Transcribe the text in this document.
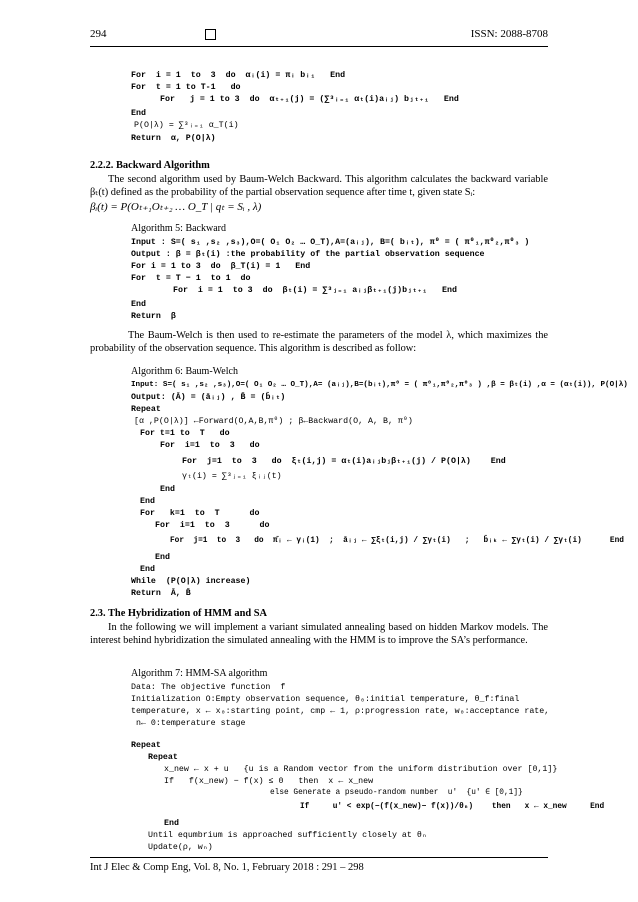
294	ISSN: 2088-8708
For  i = 1  to  3  do  αᵢ(i) = πᵢ bᵢ₁   End
For  t = 1 to T-1   do
For   j = 1 to 3  do  αₜ₊₁(j) = (∑³ᵢ₌₁ αₜ(i)aᵢⱼ) bⱼₜ₊₁   End
End
P(O|λ) = ∑³ᵢ₌₁ α_T(i)
Return  α, P(O|λ)
2.2.2. Backward Algorithm
The second algorithm used by Baum-Welch Backward. This algorithm calculates the backward variable βₜ(t) defined as the probability of the partial observation sequence after time t, given state Sᵢ:
βᵢ(t) = P(Oₜ₊₁Oₜ₊₂ … O_T | qₜ = Sᵢ , λ)
Algorithm 5: Backward
Input : S=( s₁ ,s₂ ,s₃),O=( O₁ O₂ … O_T),A=(aᵢⱼ), B=( bᵢₜ), π⁰ = ( π⁰₁,π⁰₂,π⁰₃ )
Output : β = βₜ(i) :the probability of the partial observation sequence
For i = 1 to 3  do  β_T(i) = 1   End
For  t = T − 1  to 1  do
For  i = 1  to 3  do  βₜ(i) = ∑³ⱼ₌₁ aᵢⱼβₜ₊₁(j)bⱼₜ₊₁   End
End
Return  β
The Baum-Welch is then used to re-estimate the parameters of the model λ, which maximizes the probability of the observation sequence. This algorithm is described as follow:
Algorithm 6: Baum-Welch
Input: S=( s₁ ,s₂ ,s₃),O=( O₁ O₂ … O_T),A= (aᵢⱼ),B=(bᵢₜ),π⁰ = ( π⁰₁,π⁰₂,π⁰₃ ) ,β = βₜ(i) ,α = (αₜ(i)), P(O|λ)
Output: (Ā) = (āᵢⱼ) , B̄ = (b̄ᵢₜ)
Repeat
[α ,P(O|λ)] ←Forward(O,A,B,π⁰) ; β←Backward(O, A, B, π⁰)
For t=1 to  T   do
For  i=1  to  3   do
For  j=1  to  3   do  ξₜ(i,j) = αₜ(i)aᵢⱼbⱼβₜ₊₁(j) / P(O|λ)    End
γₜ(i) = ∑³ⱼ₌₁ ξᵢⱼ(t)
End
End
For   k=1  to  T      do
For  i=1  to  3      do
For  j=1  to  3   do  π̄ᵢ ← γᵢ(1)  ;  āᵢⱼ ← ∑ξₜ(i,j) / ∑γₜ(i)   ;   b̄ᵢₖ ← ∑γₜ(i) / ∑γₜ(i)      End
End
End
While  (P(O|λ) increase)
Return  Ā, B̄
2.3. The Hybridization of HMM and SA
In the following we will implement a variant simulated annealing based on hidden Markov models. The interest behind hybridization the simulated annealing with the HMM is to improve the SA’s performance.
Algorithm 7: HMM-SA algorithm
Data: The objective function  f
Initialization O:Empty observation sequence, θ₀:initial temperature, θ_f:final
temperature, x ← x₀:starting point, cmp ← 1, ρ:progression rate, w₀:acceptance rate,
n← 0:temperature stage
Repeat
Repeat
x_new ← x + u   {u is a Random vector from the uniform distribution over [0,1]}
If   f(x_new) − f(x) ≤ 0   then  x ← x_new
else Generate a pseudo-random number  u'  {u' ∈ [0,1]}
If     u' < exp(−(f(x_new)− f(x))/θₙ)    then   x ← x_new     End
End
Until equmbrium is approached sufficiently closely at θₙ
Update(ρ, wₙ)
Int J Elec & Comp Eng, Vol. 8, No. 1, February 2018 : 291 – 298
